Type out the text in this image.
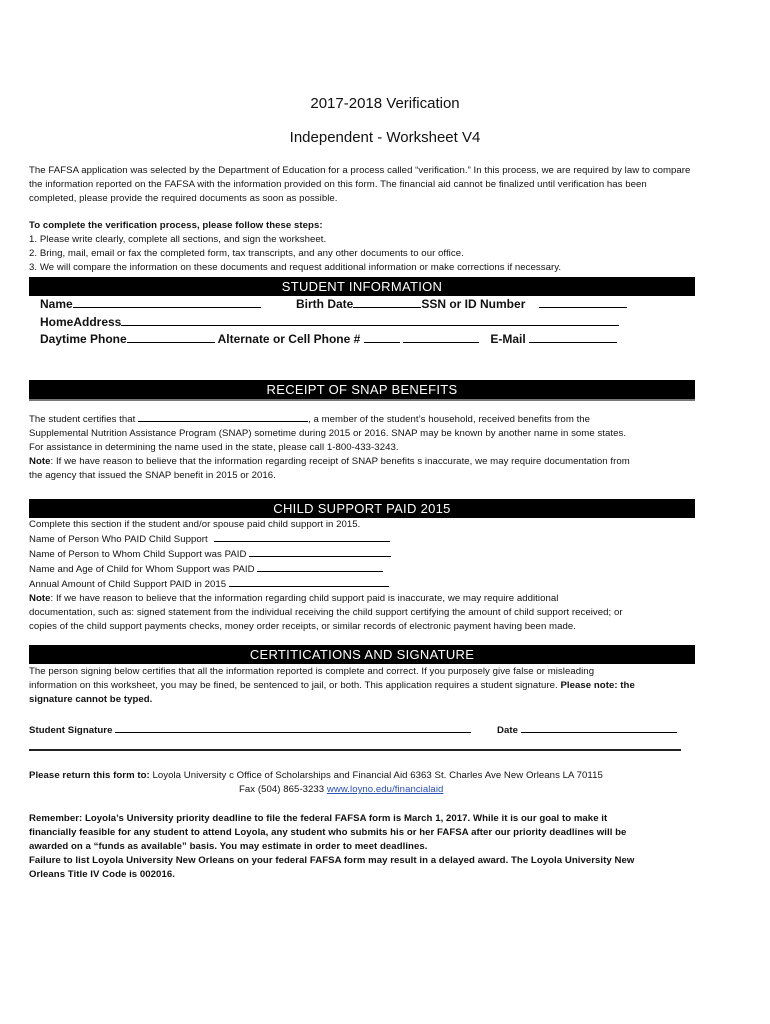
2017-2018 Verification
Independent - Worksheet V4
The FAFSA application was selected by the Department of Education for a process called “verification.” In this process, we are required by law to compare
the information reported on the FAFSA with the information provided on this form. The financial aid cannot be finalized until verification has been
completed, please provide the required documents as soon as possible.
To complete the verification process, please follow these steps:
1. Please write clearly, complete all sections, and sign the worksheet.
2. Bring, mail, email or fax the completed form, tax transcripts, and any other documents to our office.
3. We will compare the information on these documents and request additional information or make corrections if necessary.
STUDENT INFORMATION
Name	Birth Date	SSN or ID Number
HomeAddress
Daytime Phone	Alternate or Cell Phone #	E-Mail
RECEIPT OF SNAP BENEFITS
The student certifies that	, a member of the student’s household, received benefits from the
Supplemental Nutrition Assistance Program (SNAP) sometime during 2015 or 2016. SNAP may be known by another name in some states.
For assistance in determining the name used in the state, please call 1-800-433-3243.
Note: If we have reason to believe that the information regarding receipt of SNAP benefits s inaccurate, we may require documentation from
the agency that issued the SNAP benefit in 2015 or 2016.
CHILD SUPPORT PAID 2015
Complete this section if the student and/or spouse paid child support in 2015.
Name of Person Who PAID Child Support
Name of Person to Whom Child Support was PAID
Name and Age of Child for Whom Support was PAID
Annual Amount of Child Support PAID in 2015
Note: If we have reason to believe that the information regarding child support paid is inaccurate, we may require additional
documentation, such as: signed statement from the individual receiving the child support certifying the amount of child support received; or
copies of the child support payments checks, money order receipts, or similar records of electronic payment having been made.
CERTITICATIONS AND SIGNATURE
The person signing below certifies that all the information reported is complete and correct. If you purposely give false or misleading
information on this worksheet, you may be fined, be sentenced to jail, or both. This application requires a student signature. Please note: the
signature cannot be typed.
Student Signature	Date
Please return this form to: Loyola University c Office of Scholarships and Financial Aid 6363 St. Charles Ave New Orleans LA 70115
Fax (504) 865-3233 www.loyno.edu/financialaid
Remember: Loyola’s University priority deadline to file the federal FAFSA form is March 1, 2017. While it is our goal to make it
financially feasible for any student to attend Loyola, any student who submits his or her FAFSA after our priority deadlines will be
awarded on a “funds as available” basis. You may estimate in order to meet deadlines.
Failure to list Loyola University New Orleans on your federal FAFSA form may result in a delayed award. The Loyola University New
Orleans Title IV Code is 002016.
